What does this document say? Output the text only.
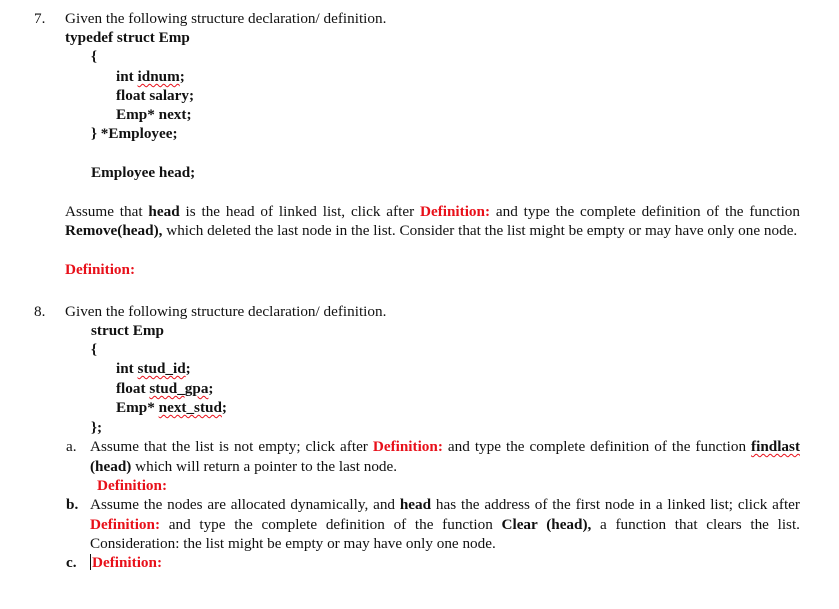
7. Given the following structure declaration/ definition.
typedef struct Emp
{
int idnum;
float salary;
Emp* next;
} *Employee;
Employee head;
Assume that head is the head of linked list, click after Definition: and type the complete definition of the function Remove(head), which deleted the last node in the list. Consider that the list might be empty or may have only one node.
Definition:
8. Given the following structure declaration/ definition.
struct Emp
{
int stud_id;
float stud_gpa;
Emp* next_stud;
};
a. Assume that the list is not empty; click after Definition: and type the complete definition of the function findlast (head) which will return a pointer to the last node.
Definition:
b. Assume the nodes are allocated dynamically, and head has the address of the first node in a linked list; click after Definition: and type the complete definition of the function Clear (head), a function that clears the list. Consideration: the list might be empty or may have only one node.
c. Definition:
